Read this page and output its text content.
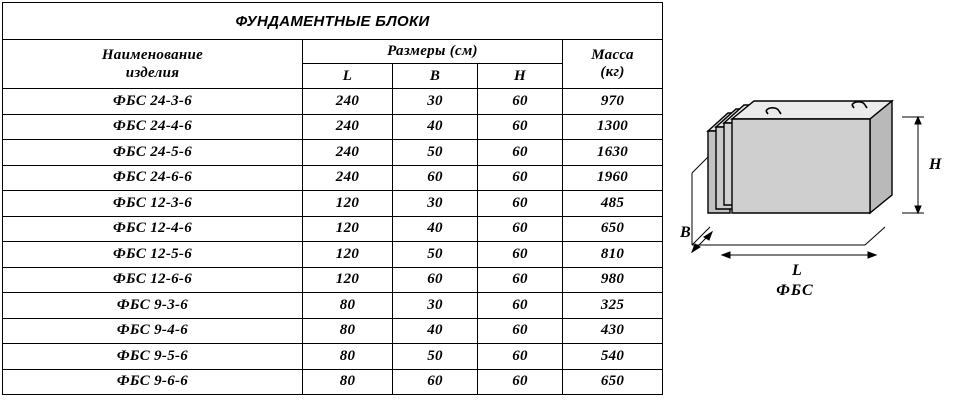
ФУНДАМЕНТНЫЕ БЛОКИ				
Наименование
изделия	Размеры (см)			Масса
(кг)
	L	B	H	
ФБС 24-3-6	240	30	60	970
ФБС 24-4-6	240	40	60	1300
ФБС 24-5-6	240	50	60	1630
ФБС 24-6-6	240	60	60	1960
ФБС 12-3-6	120	30	60	485
ФБС 12-4-6	120	40	60	650
ФБС 12-5-6	120	50	60	810
ФБС 12-6-6	120	60	60	980
ФБС 9-3-6	80	30	60	325
ФБС 9-4-6	80	40	60	430
ФБС 9-5-6	80	50	60	540
ФБС 9-6-6	80	60	60	650
H
B
L
ФБС
